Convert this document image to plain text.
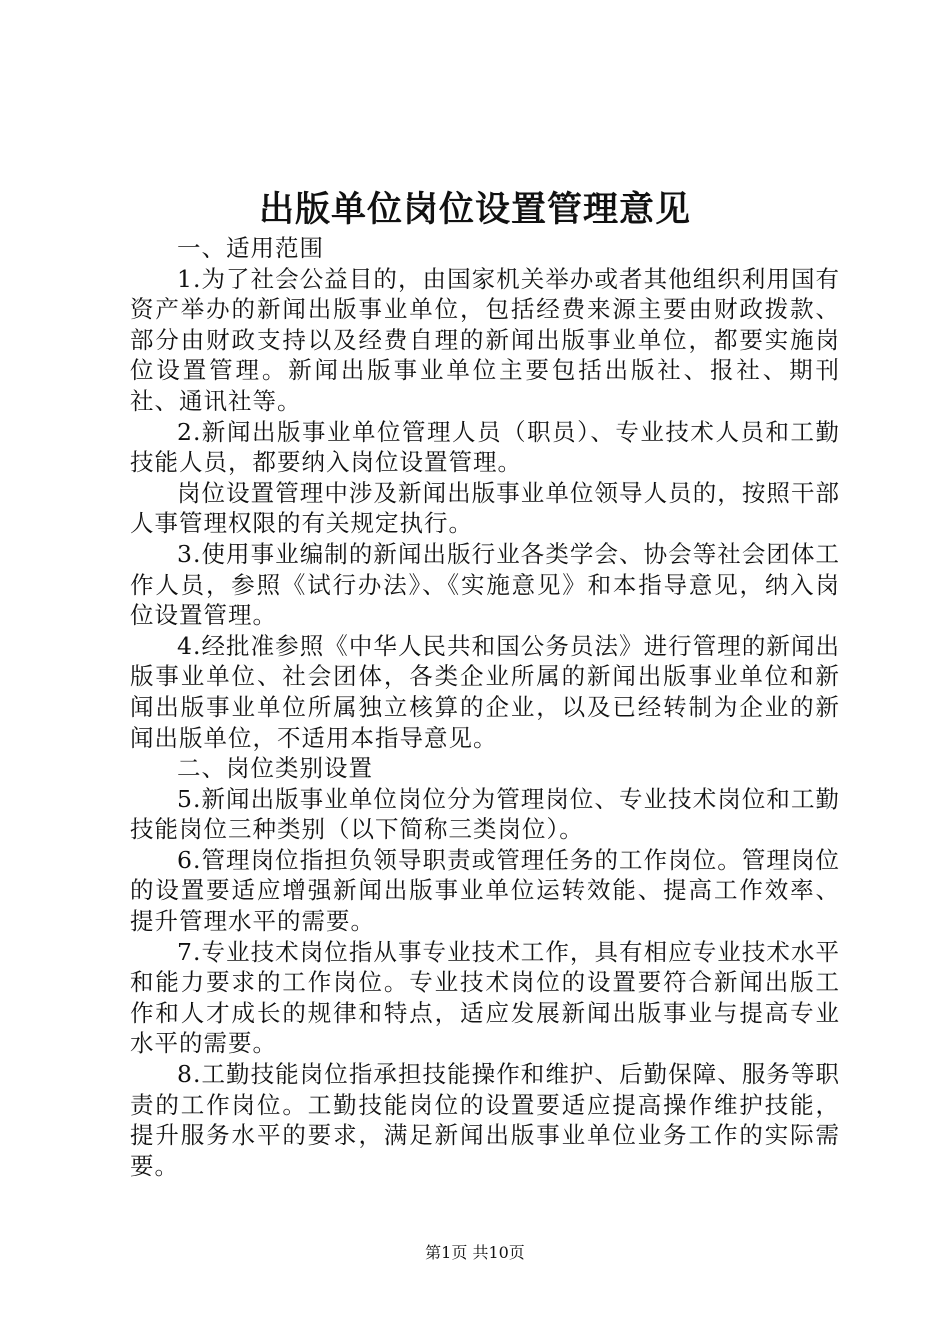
出版单位岗位设置管理意见

一、适用范围

1.为了社会公益目的，由国家机关举办或者其他组织利用国有资产举办的新闻出版事业单位，包括经费来源主要由财政拨款、部分由财政支持以及经费自理的新闻出版事业单位，都要实施岗位设置管理。新闻出版事业单位主要包括出版社、报社、期刊社、通讯社等。

2.新闻出版事业单位管理人员（职员）、专业技术人员和工勤技能人员，都要纳入岗位设置管理。

岗位设置管理中涉及新闻出版事业单位领导人员的，按照干部人事管理权限的有关规定执行。

3.使用事业编制的新闻出版行业各类学会、协会等社会团体工作人员，参照《试行办法》、《实施意见》和本指导意见，纳入岗位设置管理。

4.经批准参照《中华人民共和国公务员法》进行管理的新闻出版事业单位、社会团体，各类企业所属的新闻出版事业单位和新闻出版事业单位所属独立核算的企业，以及已经转制为企业的新闻出版单位，不适用本指导意见。

二、岗位类别设置

5.新闻出版事业单位岗位分为管理岗位、专业技术岗位和工勤技能岗位三种类别（以下简称三类岗位）。

6.管理岗位指担负领导职责或管理任务的工作岗位。管理岗位的设置要适应增强新闻出版事业单位运转效能、提高工作效率、提升管理水平的需要。

7.专业技术岗位指从事专业技术工作，具有相应专业技术水平和能力要求的工作岗位。专业技术岗位的设置要符合新闻出版工作和人才成长的规律和特点，适应发展新闻出版事业与提高专业水平的需要。

8.工勤技能岗位指承担技能操作和维护、后勤保障、服务等职责的工作岗位。工勤技能岗位的设置要适应提高操作维护技能，提升服务水平的要求，满足新闻出版事业单位业务工作的实际需要。

第1页 共10页
